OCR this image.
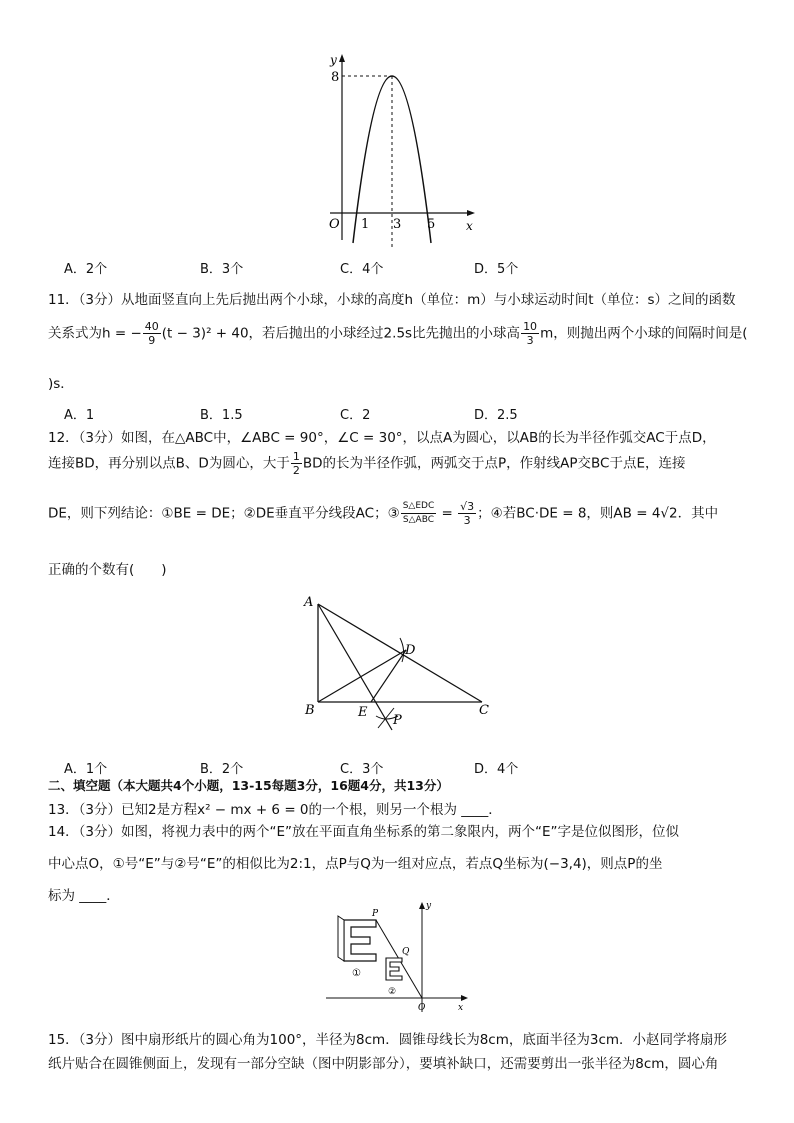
y
8
O 1 3 5	x
A．2个	B．3个	C．4个	D．5个
11．（3分）从地面竖直向上先后抛出两个小球，小球的高度h（单位：m）与小球运动时间t（单位：s）之间的函数
关系式为h = − $\frac{40}{9} (t - 3)^2 + 40$，若后抛出的小球经过2.5s比先抛出的小球高 $\frac{10}{3}$ m，则抛出两个小球的间隔时间是(
)s．
A．1	B．1.5	C．2	D．2.5
12．（3分）如图，在△ABC中，∠ABC = 90°，∠C = 30°，以点A为圆心，以AB的长为半径作弧交AC于点D，
连接BD，再分别以点B、D为圆心，大于 $\frac{1}{2}$ BD的长为半径作弧，两弧交于点P，作射线AP交BC于点E，连接
DE，则下列结论：①BE = DE；②DE垂直平分线段AC；③ $\frac{\text{S△EDC}}{\text{S△ABC}} = \frac{√3}{3}$ ；④若BC·DE = 8，则AB = 4√2．其中
正确的个数有(　　)
A
B	C
D
E
P
A．1个	B．2个	C．3个	D．4个
二、填空题（本大题共4个小题，13-15每题3分，16题4分，共13分）
13．（3分）已知2是方程x² − mx + 6 = 0的一个根，则另一个根为 ____．
14．（3分）如图，将视力表中的两个“E”放在平面直角坐标系的第二象限内，两个“E”字是位似图形，位似
中心点O，①号“E”与②号“E”的相似比为2:1，点P与Q为一组对应点，若点Q坐标为(−3,4)，则点P的坐
标为 ____．
P
Q
y
x
O
①
②
15．（3分）图中扇形纸片的圆心角为100°，半径为8cm．圆锥母线长为8cm，底面半径为3cm．小赵同学将扇形
纸片贴合在圆锥侧面上，发现有一部分空缺（图中阴影部分），要填补缺口，还需要剪出一张半径为8cm，圆心角
